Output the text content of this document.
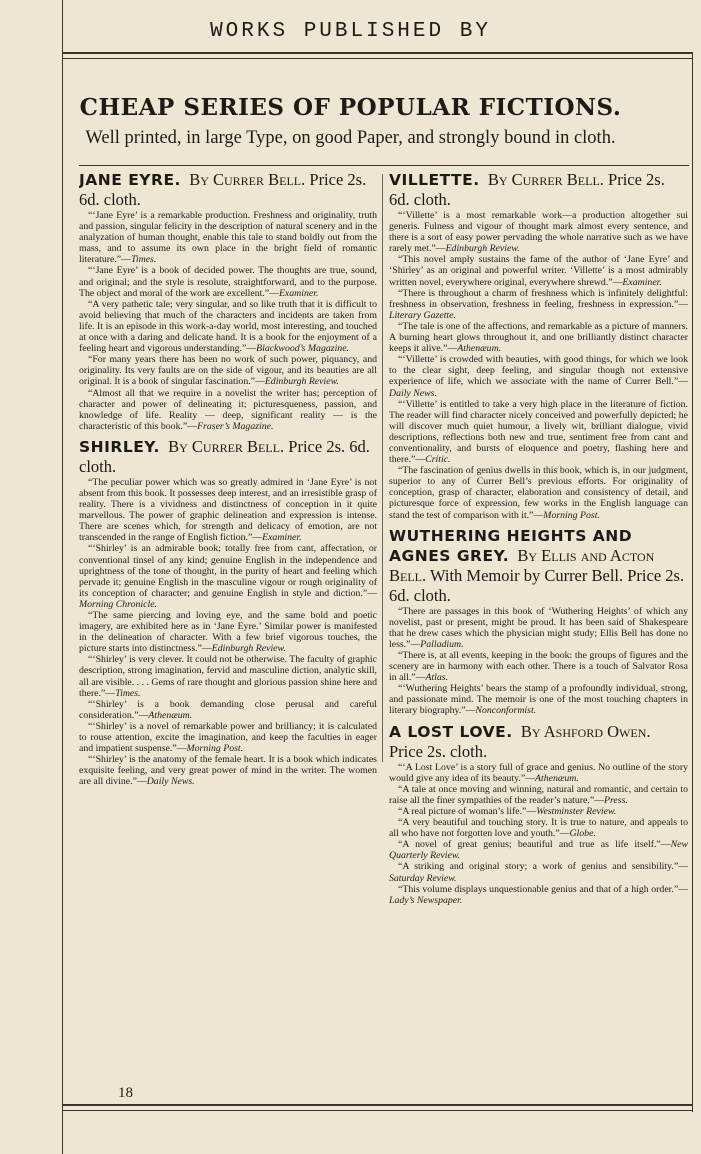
WORKS PUBLISHED BY
CHEAP SERIES OF POPULAR FICTIONS.
Well printed, in large Type, on good Paper, and strongly bound in cloth.
JANE EYRE. By Currer Bell. Price 2s. 6d. cloth.

“‘Jane Eyre’ is a remarkable production. Freshness and originality, truth and passion, singular felicity in the description of natural scenery and in the analyzation of human thought, enable this tale to stand boldly out from the mass, and to assume its own place in the bright field of romantic literature.”—Times.

“‘Jane Eyre’ is a book of decided power. The thoughts are true, sound, and original; and the style is resolute, straightforward, and to the purpose. The object and moral of the work are excellent.”—Examiner.

“A very pathetic tale; very singular, and so like truth that it is difficult to avoid believing that much of the characters and incidents are taken from life. It is an episode in this work-a-day world, most interesting, and touched at once with a daring and delicate hand. It is a book for the enjoyment of a feeling heart and vigorous understanding.”—Blackwood’s Magazine.

“For many years there has been no work of such power, piquancy, and originality. Its very faults are on the side of vigour, and its beauties are all original. It is a book of singular fascination.”—Edinburgh Review.

“Almost all that we require in a novelist the writer has; perception of character and power of delineating it; picturesqueness, passion, and knowledge of life. Reality — deep, significant reality — is the characteristic of this book.”—Fraser’s Magazine.

SHIRLEY. By Currer Bell. Price 2s. 6d. cloth.

“The peculiar power which was so greatly admired in ‘Jane Eyre’ is not absent from this book. It possesses deep interest, and an irresistible grasp of reality. There is a vividness and distinctness of conception in it quite marvellous. The power of graphic delineation and expression is intense. There are scenes which, for strength and delicacy of emotion, are not transcended in the range of English fiction.”—Examiner.

“‘Shirley’ is an admirable book; totally free from cant, affectation, or conventional tinsel of any kind; genuine English in the independence and uprightness of the tone of thought, in the purity of heart and feeling which pervade it; genuine English in the masculine vigour or rough originality of its conception of character; and genuine English in style and diction.”—Morning Chronicle.

“The same piercing and loving eye, and the same bold and poetic imagery, are exhibited here as in ‘Jane Eyre.’ Similar power is manifested in the delineation of character. With a few brief vigorous touches, the picture starts into distinctness.”—Edinburgh Review.

“‘Shirley’ is very clever. It could not be otherwise. The faculty of graphic description, strong imagination, fervid and masculine diction, analytic skill, all are visible. . . . Gems of rare thought and glorious passion shine here and there.”—Times.

“‘Shirley’ is a book demanding close perusal and careful consideration.”—Athenæum.

“‘Shirley’ is a novel of remarkable power and brilliancy; it is calculated to rouse attention, excite the imagination, and keep the faculties in eager and impatient suspense.”—Morning Post.

“‘Shirley’ is the anatomy of the female heart. It is a book which indicates exquisite feeling, and very great power of mind in the writer. The women are all divine.”—Daily News.

VILLETTE. By Currer Bell. Price 2s. 6d. cloth.

“‘Villette’ is a most remarkable work—a production altogether sui generis. Fulness and vigour of thought mark almost every sentence, and there is a sort of easy power pervading the whole narrative such as we have rarely met.”—Edinburgh Review.

“This novel amply sustains the fame of the author of ‘Jane Eyre’ and ‘Shirley’ as an original and powerful writer. ‘Villette’ is a most admirably written novel, everywhere original, everywhere shrewd.”—Examiner.

“There is throughout a charm of freshness which is infinitely delightful: freshness in observation, freshness in feeling, freshness in expression.”—Literary Gazette.

“The tale is one of the affections, and remarkable as a picture of manners. A burning heart glows throughout it, and one brilliantly distinct character keeps it alive.”—Athenæum.

“‘Villette’ is crowded with beauties, with good things, for which we look to the clear sight, deep feeling, and singular though not extensive experience of life, which we associate with the name of Currer Bell.”—Daily News.

“‘Villette’ is entitled to take a very high place in the literature of fiction. The reader will find character nicely conceived and powerfully depicted; he will discover much quiet humour, a lively wit, brilliant dialogue, vivid descriptions, reflections both new and true, sentiment free from cant and conventionality, and bursts of eloquence and poetry, flashing here and there.”—Critic.

“The fascination of genius dwells in this book, which is, in our judgment, superior to any of Currer Bell’s previous efforts. For originality of conception, grasp of character, elaboration and consistency of detail, and picturesque force of expression, few works in the English language can stand the test of comparison with it.”—Morning Post.

WUTHERING HEIGHTS AND AGNES GREY. By Ellis and Acton Bell. With Memoir by Currer Bell. Price 2s. 6d. cloth.

“There are passages in this book of ‘Wuthering Heights’ of which any novelist, past or present, might be proud. It has been said of Shakespeare that he drew cases which the physician might study; Ellis Bell has done no less.”—Palladium.

“There is, at all events, keeping in the book: the groups of figures and the scenery are in harmony with each other. There is a touch of Salvator Rosa in all.”—Atlas.

“‘Wuthering Heights’ bears the stamp of a profoundly individual, strong, and passionate mind. The memoir is one of the most touching chapters in literary biography.”—Nonconformist.

A LOST LOVE. By Ashford Owen. Price 2s. cloth.

“‘A Lost Love’ is a story full of grace and genius. No outline of the story would give any idea of its beauty.”—Athenæum.

“A tale at once moving and winning, natural and romantic, and certain to raise all the finer sympathies of the reader’s nature.”—Press.

“A real picture of woman’s life.”—Westminster Review.

“A very beautiful and touching story. It is true to nature, and appeals to all who have not forgotten love and youth.”—Globe.

“A novel of great genius; beautiful and true as life itself.”—New Quarterly Review.

“A striking and original story; a work of genius and sensibility.”—Saturday Review.

“This volume displays unquestionable genius and that of a high order.”—Lady’s Newspaper.

18
